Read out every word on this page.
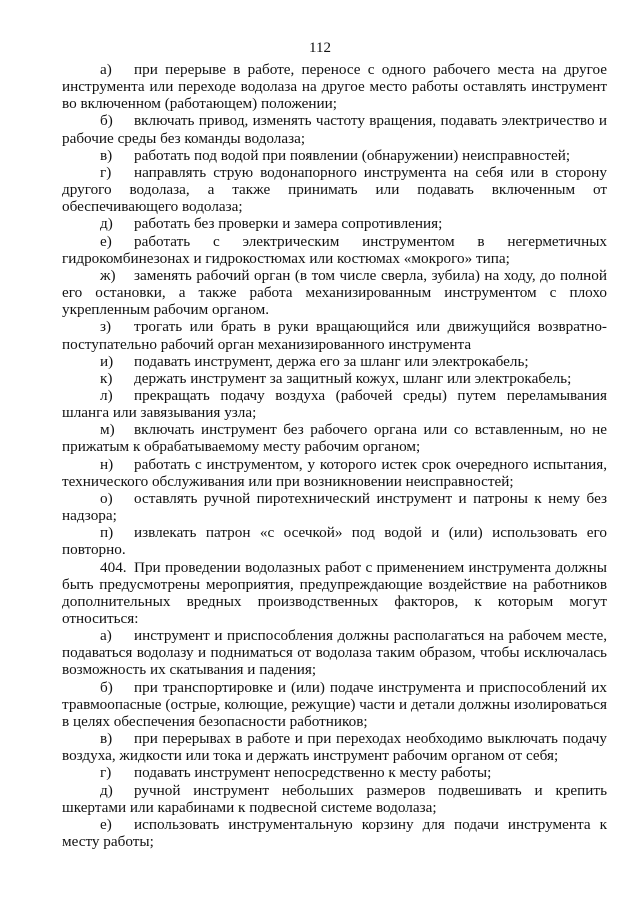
112

а) при перерыве в работе, переносе с одного рабочего места на другое инструмента или переходе водолаза на другое место работы оставлять инструмент во включенном (работающем) положении;

б) включать привод, изменять частоту вращения, подавать электричество и рабочие среды без команды водолаза;

в) работать под водой при появлении (обнаружении) неисправностей;

г) направлять струю водонапорного инструмента на себя или в сторону другого водолаза, а также принимать или подавать включенным от обеспечивающего водолаза;

д) работать без проверки и замера сопротивления;

е) работать с электрическим инструментом в негерметичных гидрокомбинезонах и гидрокостюмах или костюмах «мокрого» типа;

ж) заменять рабочий орган (в том числе сверла, зубила) на ходу, до полной его остановки, а также работа механизированным инструментом с плохо укрепленным рабочим органом.

з) трогать или брать в руки вращающийся или движущийся возвратно-поступательно рабочий орган механизированного инструмента

и) подавать инструмент, держа его за шланг или электрокабель;

к) держать инструмент за защитный кожух, шланг или электрокабель;

л) прекращать подачу воздуха (рабочей среды) путем переламывания шланга или завязывания узла;

м) включать инструмент без рабочего органа или со вставленным, но не прижатым к обрабатываемому месту рабочим органом;

н) работать с инструментом, у которого истек срок очередного испытания, технического обслуживания или при возникновении неисправностей;

о) оставлять ручной пиротехнический инструмент и патроны к нему без надзора;

п) извлекать патрон «с осечкой» под водой и (или) использовать его повторно.

404. При проведении водолазных работ с применением инструмента должны быть предусмотрены мероприятия, предупреждающие воздействие на работников дополнительных вредных производственных факторов, к которым могут относиться:

а) инструмент и приспособления должны располагаться на рабочем месте, подаваться водолазу и подниматься от водолаза таким образом, чтобы исключалась возможность их скатывания и падения;

б) при транспортировке и (или) подаче инструмента и приспособлений их травмоопасные (острые, колющие, режущие) части и детали должны изолироваться в целях обеспечения безопасности работников;

в) при перерывах в работе и при переходах необходимо выключать подачу воздуха, жидкости или тока и держать инструмент рабочим органом от себя;

г) подавать инструмент непосредственно к месту работы;

д) ручной инструмент небольших размеров подвешивать и крепить шкертами или карабинами к подвесной системе водолаза;

е) использовать инструментальную корзину для подачи инструмента к месту работы;
